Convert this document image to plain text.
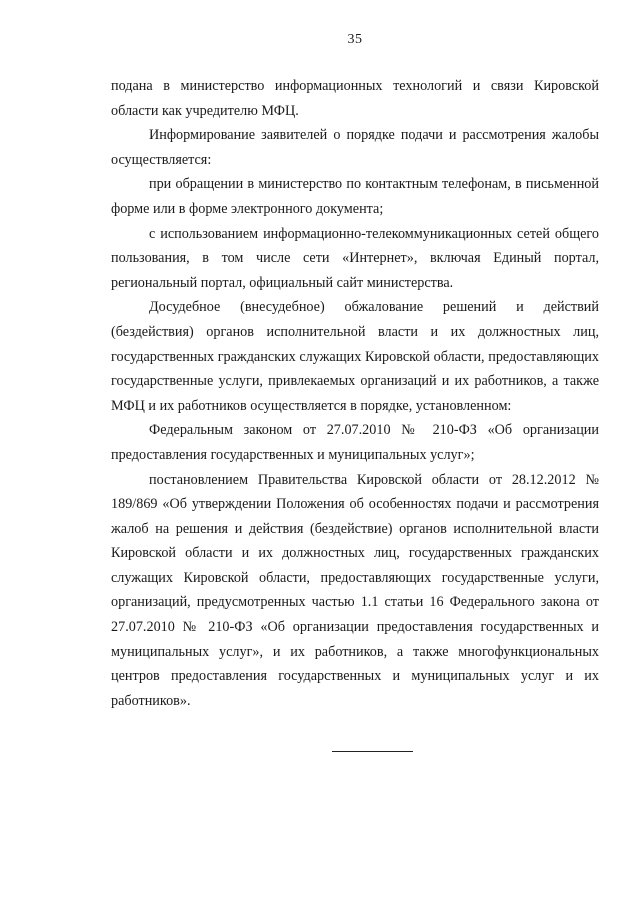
35

подана в министерство информационных технологий и связи Кировской области как учредителю МФЦ.

Информирование заявителей о порядке подачи и рассмотрения жалобы осуществляется:

при обращении в министерство по контактным телефонам, в письменной форме или в форме электронного документа;

с использованием информационно-телекоммуникационных сетей общего пользования, в том числе сети «Интернет», включая Единый портал, региональный портал, официальный сайт министерства.

Досудебное (внесудебное) обжалование решений и действий (бездействия) органов исполнительной власти и их должностных лиц, государственных гражданских служащих Кировской области, предоставляющих государственные услуги, привлекаемых организаций и их работников, а также МФЦ и их работников осуществляется в порядке, установленном:

Федеральным законом от 27.07.2010 № 210-ФЗ «Об организации предоставления государственных и муниципальных услуг»;

постановлением Правительства Кировской области от 28.12.2012 № 189/869 «Об утверждении Положения об особенностях подачи и рассмотрения жалоб на решения и действия (бездействие) органов исполнительной власти Кировской области и их должностных лиц, государственных гражданских служащих Кировской области, предоставляющих государственные услуги, организаций, предусмотренных частью 1.1 статьи 16 Федерального закона от 27.07.2010 № 210-ФЗ «Об организации предоставления государственных и муниципальных услуг», и их работников, а также многофункциональных центров предоставления государственных и муниципальных услуг и их работников».
